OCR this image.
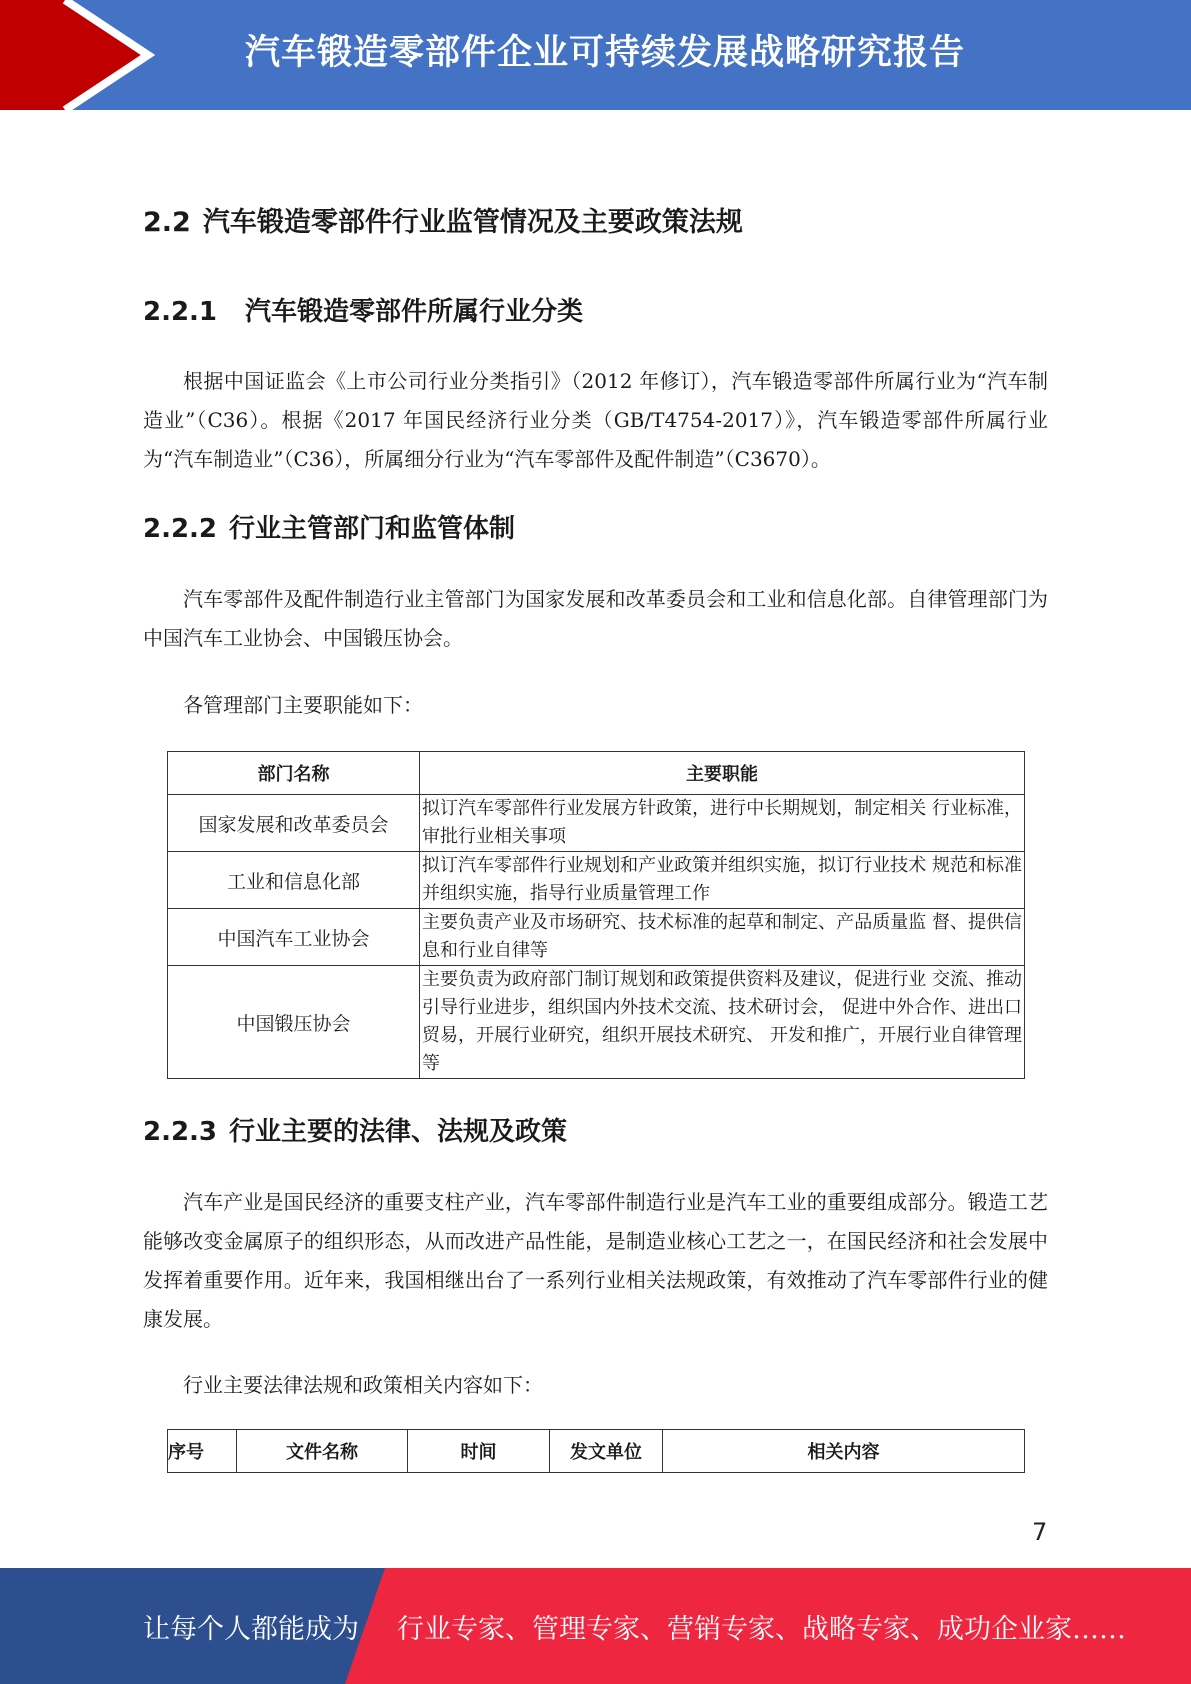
汽车锻造零部件企业可持续发展战略研究报告
2.2 汽车锻造零部件行业监管情况及主要政策法规
2.2.1 汽车锻造零部件所属行业分类

根据中国证监会《上市公司行业分类指引》（2012 年修订），汽车锻造零部件所属行业为“汽车制造业”（C36）。根据《2017 年国民经济行业分类（GB/T4754-2017）》，汽车锻造零部件所属行业为“汽车制造业”（C36），所属细分行业为“汽车零部件及配件制造”（C3670）。

2.2.2 行业主管部门和监管体制

汽车零部件及配件制造行业主管部门为国家发展和改革委员会和工业和信息化部。自律管理部门为中国汽车工业协会、中国锻压协会。

各管理部门主要职能如下：

部门名称	主要职能
国家发展和改革委员会	拟订汽车零部件行业发展方针政策，进行中长期规划，制定相关 行业标准，审批行业相关事项
工业和信息化部	拟订汽车零部件行业规划和产业政策并组织实施，拟订行业技术 规范和标准并组织实施，指导行业质量管理工作
中国汽车工业协会	主要负责产业及市场研究、技术标准的起草和制定、产品质量监 督、提供信息和行业自律等
中国锻压协会	主要负责为政府部门制订规划和政策提供资料及建议，促进行业 交流、推动引导行业进步，组织国内外技术交流、技术研讨会， 促进中外合作、进出口贸易，开展行业研究，组织开展技术研究、 开发和推广，开展行业自律管理等
2.2.3 行业主要的法律、法规及政策

汽车产业是国民经济的重要支柱产业，汽车零部件制造行业是汽车工业的重要组成部分。锻造工艺能够改变金属原子的组织形态，从而改进产品性能，是制造业核心工艺之一，在国民经济和社会发展中发挥着重要作用。近年来，我国相继出台了一系列行业相关法规政策，有效推动了汽车零部件行业的健康发展。

行业主要法律法规和政策相关内容如下：

序号	文件名称	时间	发文单位	相关内容
7
让每个人都能成为 行业专家、管理专家、营销专家、战略专家、成功企业家……
